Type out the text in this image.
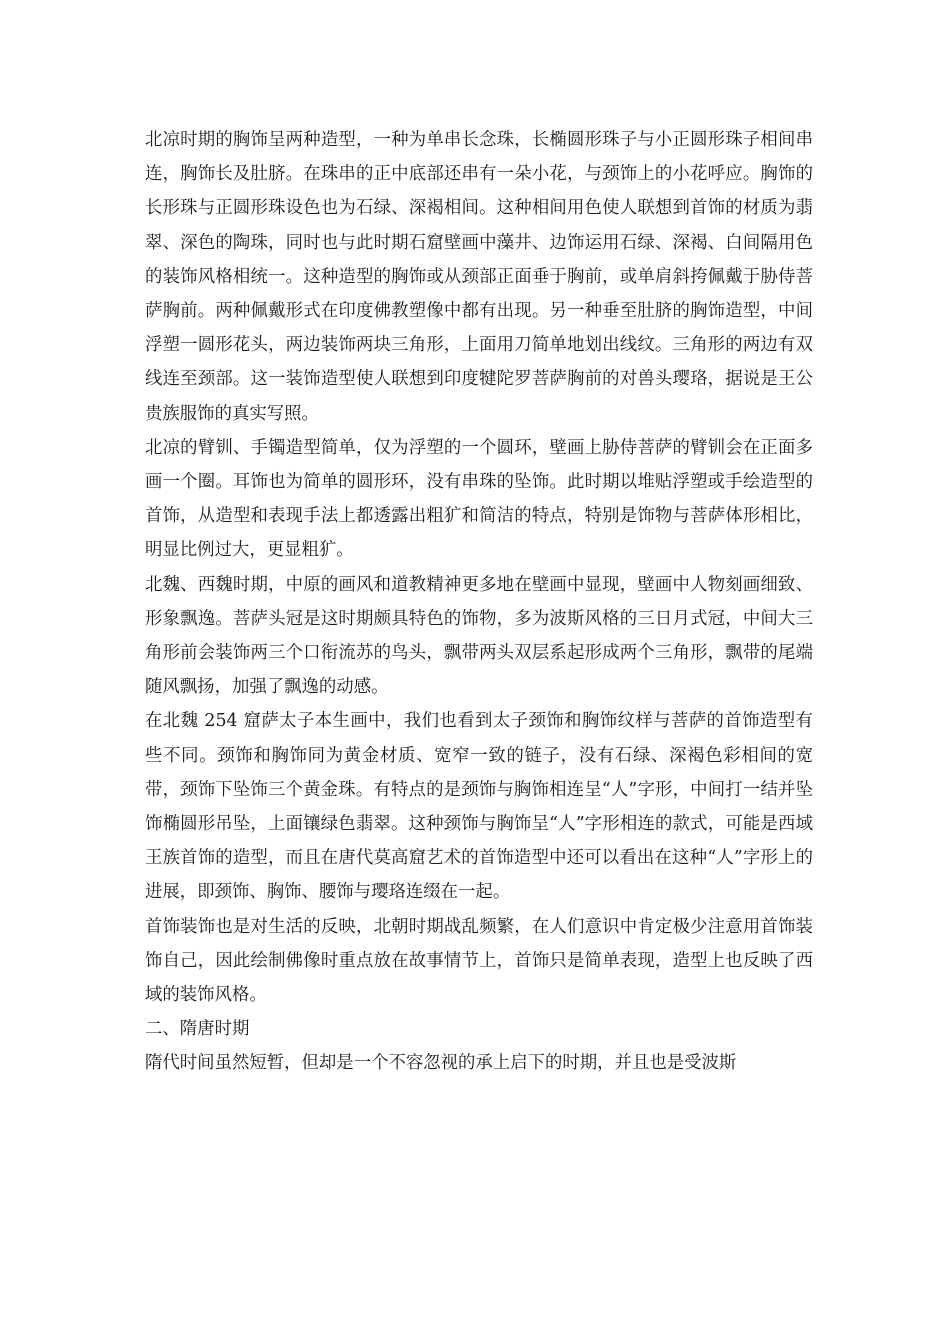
北凉时期的胸饰呈两种造型，一种为单串长念珠，长椭圆形珠子与小正圆形珠子相间串连，胸饰长及肚脐。在珠串的正中底部还串有一朵小花，与颈饰上的小花呼应。胸饰的长形珠与正圆形珠设色也为石绿、深褐相间。这种相间用色使人联想到首饰的材质为翡翠、深色的陶珠，同时也与此时期石窟壁画中藻井、边饰运用石绿、深褐、白间隔用色的装饰风格相统一。这种造型的胸饰或从颈部正面垂于胸前，或单肩斜挎佩戴于胁侍菩萨胸前。两种佩戴形式在印度佛教塑像中都有出现。另一种垂至肚脐的胸饰造型，中间浮塑一圆形花头，两边装饰两块三角形，上面用刀简单地划出线纹。三角形的两边有双线连至颈部。这一装饰造型使人联想到印度犍陀罗菩萨胸前的对兽头璎珞，据说是王公贵族服饰的真实写照。

北凉的臂钏、手镯造型简单，仅为浮塑的一个圆环，壁画上胁侍菩萨的臂钏会在正面多画一个圈。耳饰也为简单的圆形环，没有串珠的坠饰。此时期以堆贴浮塑或手绘造型的首饰，从造型和表现手法上都透露出粗犷和简洁的特点，特别是饰物与菩萨体形相比，明显比例过大，更显粗犷。

北魏、西魏时期，中原的画风和道教精神更多地在壁画中显现，壁画中人物刻画细致、形象飘逸。菩萨头冠是这时期颇具特色的饰物，多为波斯风格的三日月式冠，中间大三角形前会装饰两三个口衔流苏的鸟头，飘带两头双层系起形成两个三角形，飘带的尾端随风飘扬，加强了飘逸的动感。

在北魏 254 窟萨太子本生画中，我们也看到太子颈饰和胸饰纹样与菩萨的首饰造型有些不同。颈饰和胸饰同为黄金材质、宽窄一致的链子，没有石绿、深褐色彩相间的宽带，颈饰下坠饰三个黄金珠。有特点的是颈饰与胸饰相连呈“人”字形，中间打一结并坠饰椭圆形吊坠，上面镶绿色翡翠。这种颈饰与胸饰呈“人”字形相连的款式，可能是西域王族首饰的造型，而且在唐代莫高窟艺术的首饰造型中还可以看出在这种“人”字形上的进展，即颈饰、胸饰、腰饰与璎珞连缀在一起。

首饰装饰也是对生活的反映，北朝时期战乱频繁，在人们意识中肯定极少注意用首饰装饰自己，因此绘制佛像时重点放在故事情节上，首饰只是简单表现，造型上也反映了西域的装饰风格。

二、隋唐时期

隋代时间虽然短暂，但却是一个不容忽视的承上启下的时期，并且也是受波斯
